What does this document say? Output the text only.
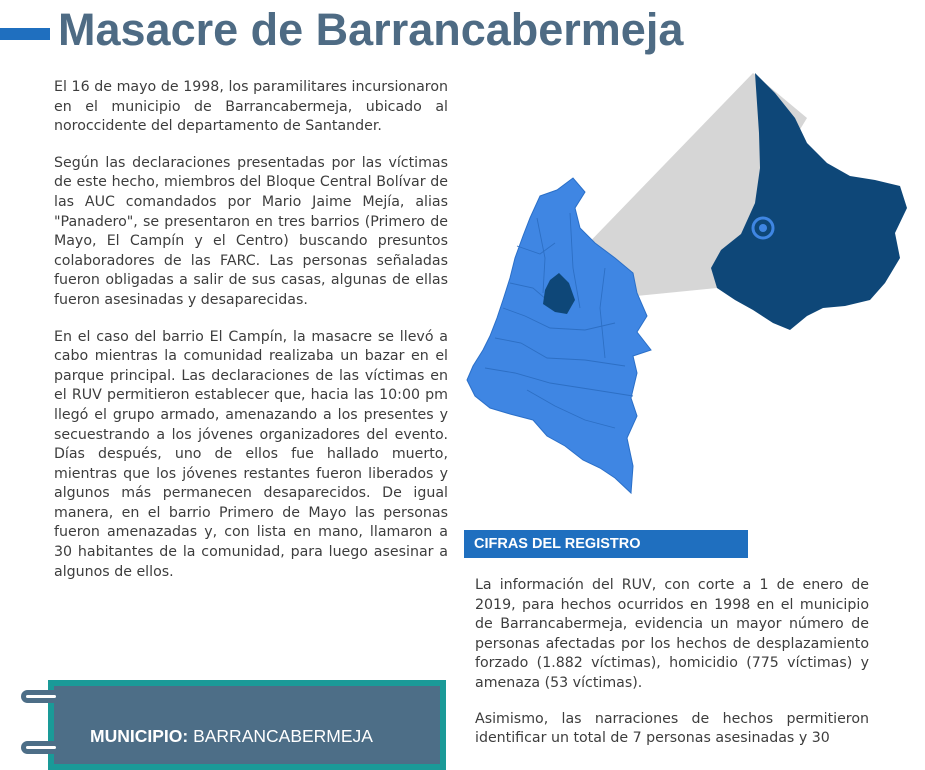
Masacre de Barrancabermeja

El 16 de mayo de 1998, los paramilitares incursionaron en el municipio de Barrancabermeja, ubicado al noroccidente del departamento de Santander.

Según las declaraciones presentadas por las víctimas de este hecho, miembros del Bloque Central Bolívar de las AUC comandados por Mario Jaime Mejía, alias "Panadero", se presentaron en tres barrios (Primero de Mayo, El Campín y el Centro) buscando presuntos colaboradores de las FARC. Las personas señaladas fueron obligadas a salir de sus casas, algunas de ellas fueron asesinadas y desaparecidas.

En el caso del barrio El Campín, la masacre se llevó a cabo mientras la comunidad realizaba un bazar en el parque principal. Las declaraciones de las víctimas en el RUV permitieron establecer que, hacia las 10:00 pm llegó el grupo armado, amenazando a los presentes y secuestrando a los jóvenes organizadores del evento. Días después, uno de ellos fue hallado muerto, mientras que los jóvenes restantes fueron liberados y algunos más permanecen desaparecidos. De igual manera, en el barrio Primero de Mayo las personas fueron amenazadas y, con lista en mano, llamaron a 30 habitantes de la comunidad, para luego asesinar a algunos de ellos.

CIFRAS DEL REGISTRO

La información del RUV, con corte a 1 de enero de 2019, para hechos ocurridos en 1998 en el municipio de Barrancabermeja, evidencia un mayor número de personas afectadas por los hechos de desplazamiento forzado (1.882 víctimas), homicidio (775 víctimas) y amenaza (53 víctimas).

Asimismo, las narraciones de hechos permitieron identificar un total de 7 personas asesinadas y 30

MUNICIPIO: BARRANCABERMEJA
